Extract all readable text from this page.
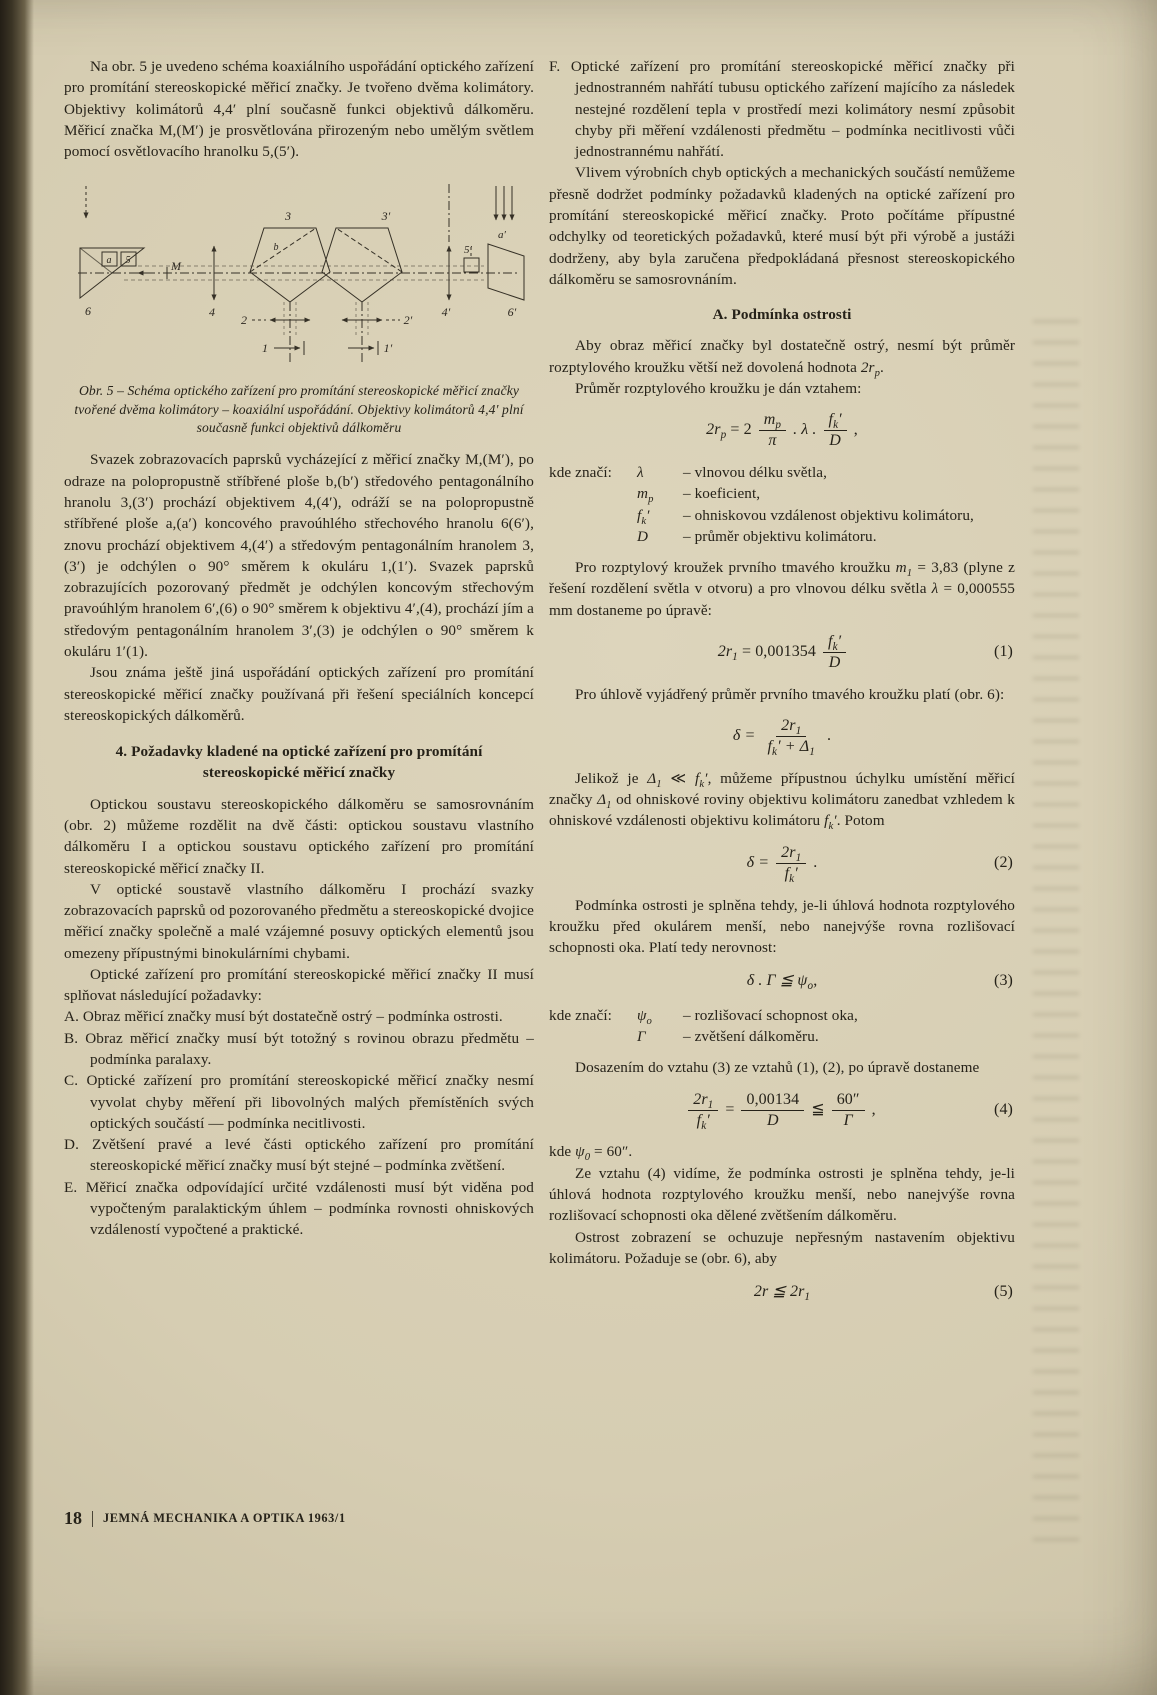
Na obr. 5 je uvedeno schéma koaxiálního uspořádání optického zařízení pro promítání stereoskopické měřicí značky. Je tvořeno dvěma kolimátory. Objektivy kolimátorů 4,4′ plní současně funkci objektivů dálkoměru. Měřicí značka M,(M′) je prosvětlována přirozeným nebo umělým světlem pomocí osvětlovacího hranolku 5,(5′).

3	3′
a 5	M
b	5′
a′
6	4
2	2′
4′	6′
1	1′
Obr. 5 – Schéma optického zařízení pro promítání stereoskopické měřicí značky tvořené dvěma kolimátory – koaxiální uspořádání. Objektivy kolimátorů 4,4′ plní současně funkci objektivů dálkoměru

Svazek zobrazovacích paprsků vycházející z měřicí značky M,(M′), po odraze na polopropustně stříbřené ploše b,(b′) středového pentagonálního hranolu 3,(3′) prochází objektivem 4,(4′), odráží se na polopropustně stříbřené ploše a,(a′) koncového pravoúhlého střechového hranolu 6(6′), znovu prochází objektivem 4,(4′) a středovým pentagonálním hranolem 3,(3′) je odchýlen o 90° směrem k okuláru 1,(1′). Svazek paprsků zobrazujících pozorovaný předmět je odchýlen koncovým střechovým pravoúhlým hranolem 6′,(6) o 90° směrem k objektivu 4′,(4), prochází jím a středovým pentagonálním hranolem 3′,(3) je odchýlen o 90° směrem k okuláru 1′(1).

Jsou známa ještě jiná uspořádání optických zařízení pro promítání stereoskopické měřicí značky používaná při řešení speciálních koncepcí stereoskopických dálkoměrů.

4. Požadavky kladené na optické zařízení pro promítání
stereoskopické měřicí značky

Optickou soustavu stereoskopického dálkoměru se samosrovnáním (obr. 2) můžeme rozdělit na dvě části: optickou soustavu vlastního dálkoměru I a optickou soustavu optického zařízení pro promítání stereoskopické měřicí značky II.

V optické soustavě vlastního dálkoměru I prochází svazky zobrazovacích paprsků od pozorovaného předmětu a stereoskopické dvojice měřicí značky společně a malé vzájemné posuvy optických elementů jsou omezeny přípustnými binokulárními chybami.

Optické zařízení pro promítání stereoskopické měřicí značky II musí splňovat následující požadavky:

A. Obraz měřicí značky musí být dostatečně ostrý – podmínka ostrosti.

B. Obraz měřicí značky musí být totožný s rovinou obrazu předmětu – podmínka paralaxy.

C. Optické zařízení pro promítání stereoskopické měřicí značky nesmí vyvolat chyby měření při libovolných malých přemístěních svých optických součástí — podmínka necitlivosti.

D. Zvětšení pravé a levé části optického zařízení pro promítání stereoskopické měřicí značky musí být stejné – podmínka zvětšení.

E. Měřicí značka odpovídající určité vzdálenosti musí být viděna pod vypočteným paralaktickým úhlem – podmínka rovnosti ohniskových vzdáleností vypočtené a praktické.

F. Optické zařízení pro promítání stereoskopické měřicí značky při jednostranném nahřátí tubusu optického zařízení majícího za následek nestejné rozdělení tepla v prostředí mezi kolimátory nesmí způsobit chyby při měření vzdálenosti předmětu – podmínka necitlivosti vůči jednostrannému nahřátí.

Vlivem výrobních chyb optických a mechanických součástí nemůžeme přesně dodržet podmínky požadavků kladených na optické zařízení pro promítání stereoskopické měřicí značky. Proto počítáme přípustné odchylky od teoretických požadavků, které musí být při výrobě a justáži dodrženy, aby byla zaručena předpokládaná přesnost stereoskopického dálkoměru se samosrovnáním.

A. Podmínka ostrosti

Aby obraz měřicí značky byl dostatečně ostrý, nesmí být průměr rozptylového kroužku větší než dovolená hodnota $2r_p$.

Průměr rozptylového kroužku je dán vztahem:

$2r_p = 2 \frac{m_p}{\pi}$ . λ . $\frac{f_k'}{D}$ ,
kde značí:	λ	– vlnovou délku světla,
$m_p$	– koeficient,
$f_k'$	– ohniskovou vzdálenost objektivu kolimátoru,
D	– průměr objektivu kolimátoru.

Pro rozptylový kroužek prvního tmavého kroužku $m_1 = 3,83$ (plyne z řešení rozdělení světla v otvoru) a pro vlnovou délku světla λ = 0,000555 mm dostaneme po úpravě:

$2r_1 = 0,001354 \frac{f_k'}{D}$	(1)

Pro úhlově vyjádřený průměr prvního tmavého kroužku platí (obr. 6):

$\delta = \frac{2r_1}{f_k' + \Delta_1}$ .

Jelikož je $\Delta_1$ ≪ $f_k'$, můžeme přípustnou úchylku umístění měřicí značky $\Delta_1$ od ohniskové roviny objektivu kolimátoru zanedbat vzhledem k ohniskové vzdálenosti objektivu kolimátoru $f_k'$. Potom

$\delta = \frac{2r_1}{f_k'}$ .	(2)

Podmínka ostrosti je splněna tehdy, je-li úhlová hodnota rozptylového kroužku před okulárem menší, nebo nanejvýše rovna rozlišovací schopnosti oka. Platí tedy nerovnost:

δ . Γ ≦ $\psi_o$,	(3)
kde značí:	$\psi_o$	– rozlišovací schopnost oka,
Γ	– zvětšení dálkoměru.

Dosazením do vztahu (3) ze vztahů (1), (2), po úpravě dostaneme

$\frac{2r_1}{f_k'} = \frac{0,00134}{D}$ ≦ $\frac{60''}{\Gamma}$ ,	(4)

kde $\psi_0 = 60''$.

Ze vztahu (4) vidíme, že podmínka ostrosti je splněna tehdy, je-li úhlová hodnota rozptylového kroužku menší, nebo nanejvýše rovna rozlišovací schopnosti oka dělené zvětšením dálkoměru.

Ostrost zobrazení se ochuzuje nepřesným nastavením objektivu kolimátoru. Požaduje se (obr. 6), aby

2r ≦ $2r_1$	(5)
18 JEMNÁ MECHANIKA A OPTIKA 1963/1
